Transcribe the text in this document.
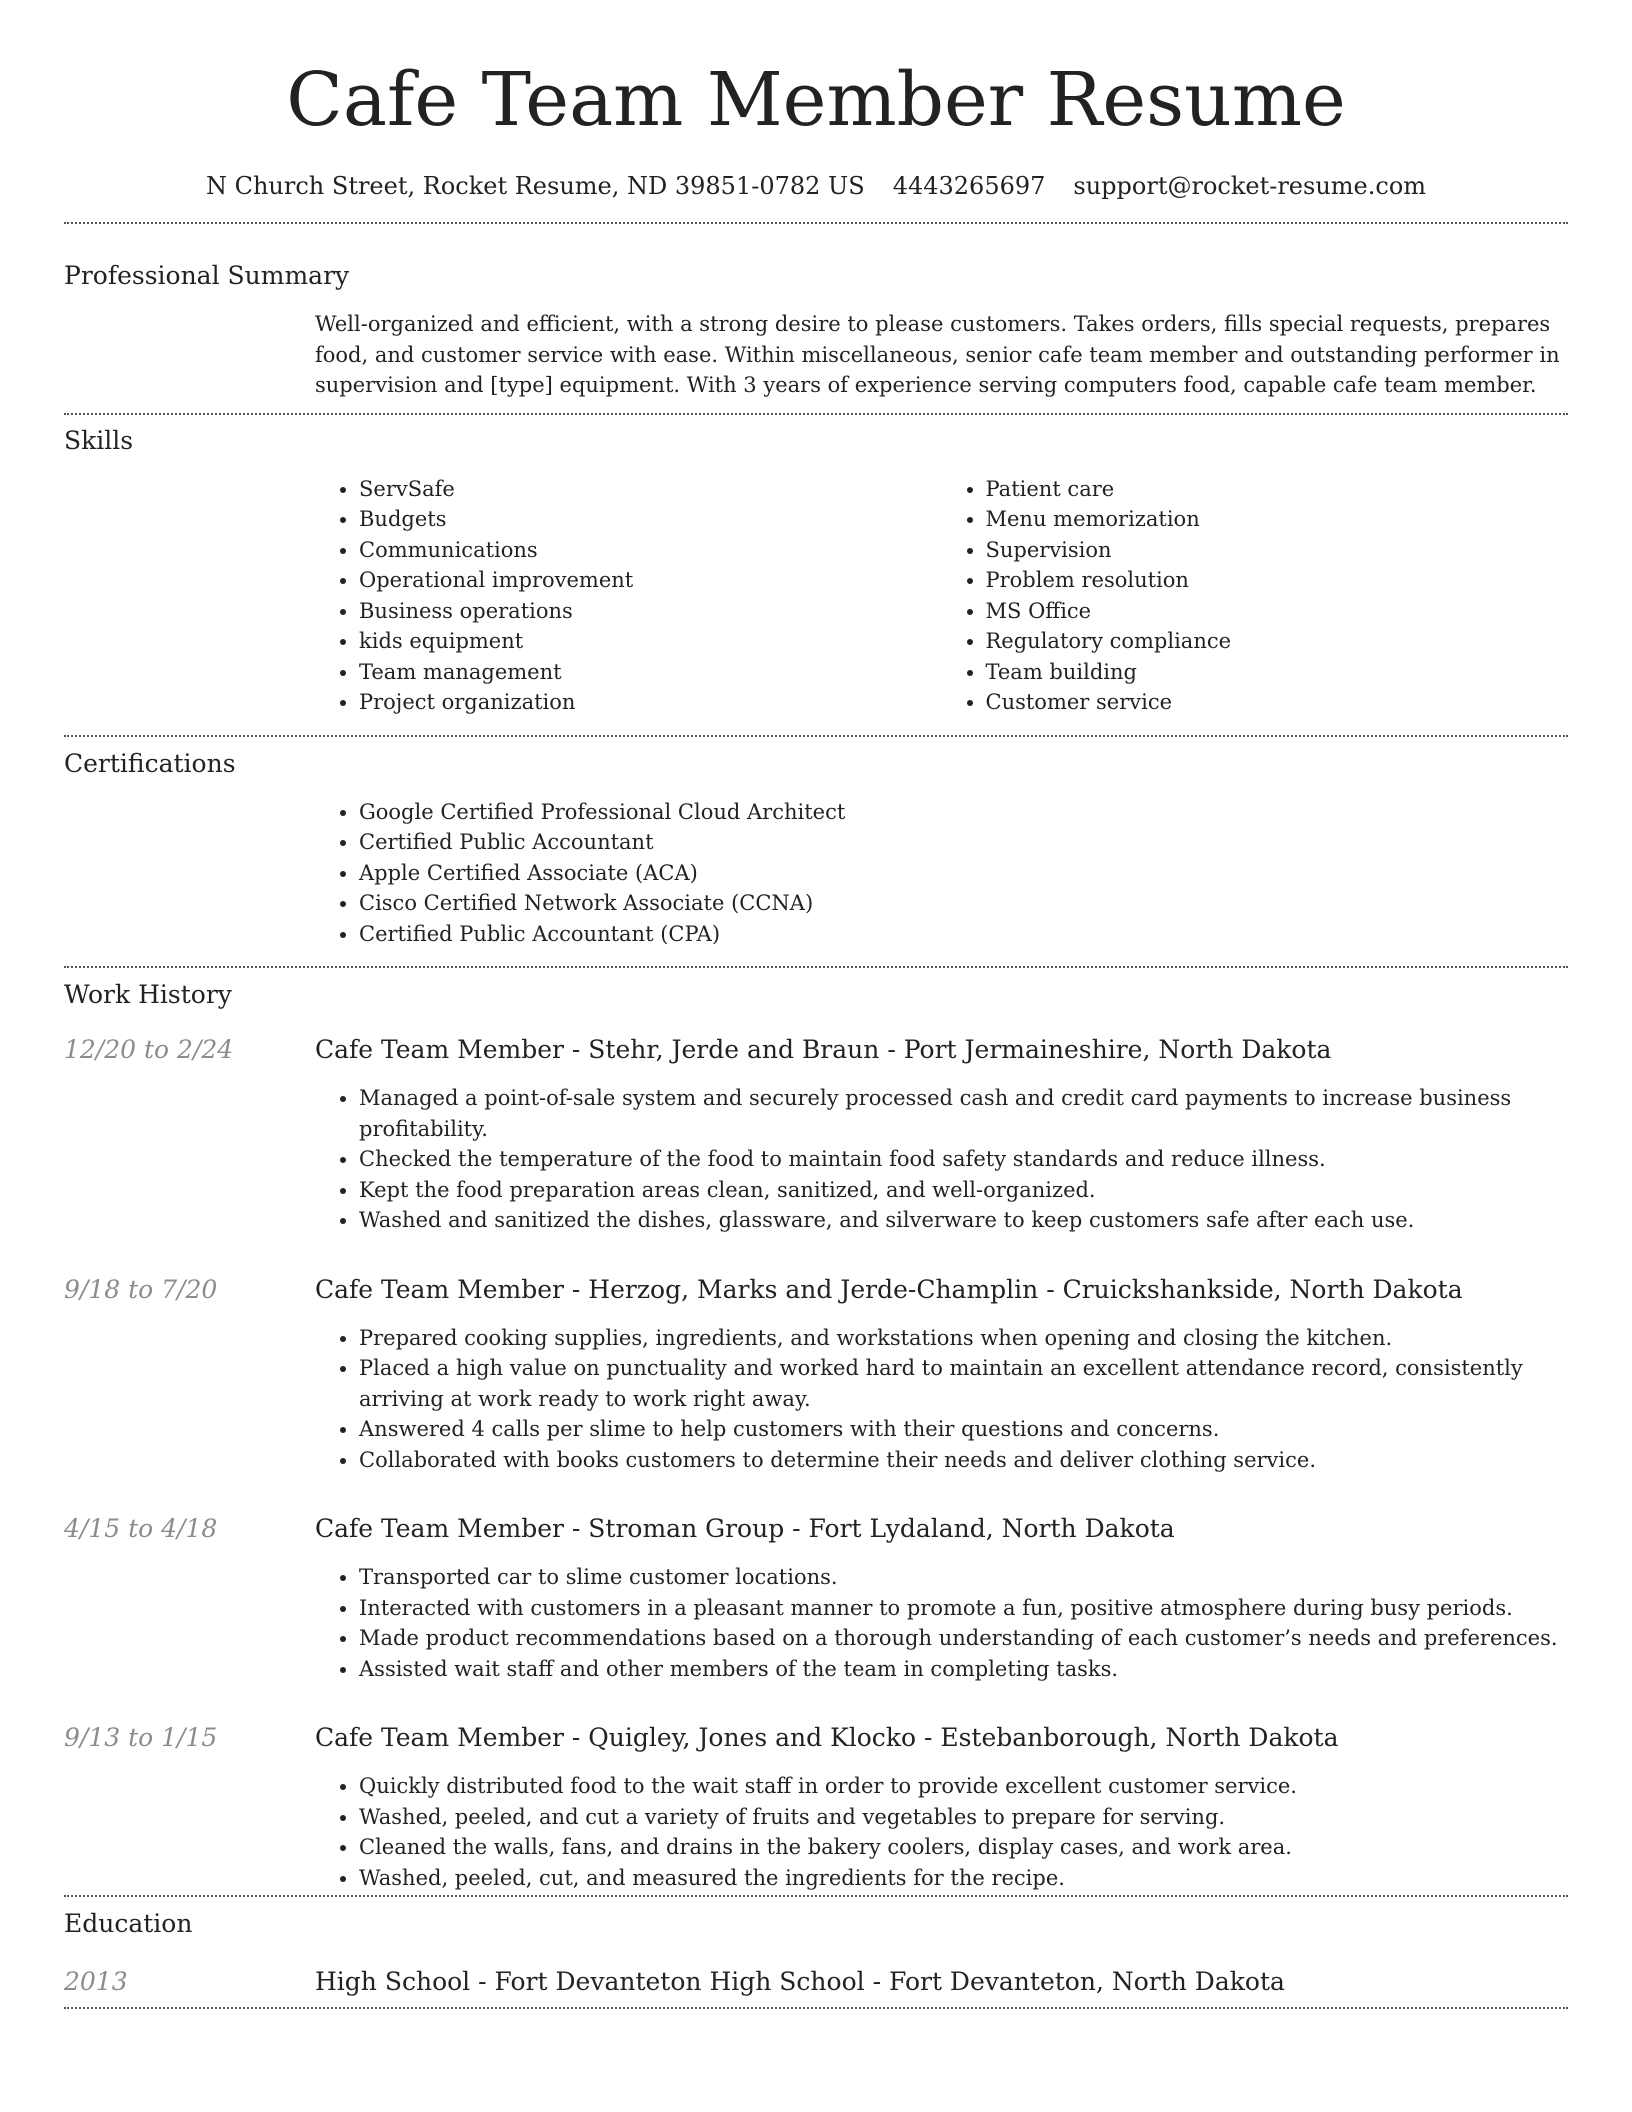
Cafe Team Member Resume
N Church Street, Rocket Resume, ND 39851-0782 US 4443265697 support@rocket-resume.com
Professional Summary
Well-organized and efficient, with a strong desire to please customers. Takes orders, fills special requests, prepares food, and customer service with ease. Within miscellaneous, senior cafe team member and outstanding performer in supervision and [type] equipment. With 3 years of experience serving computers food, capable cafe team member.
Skills
• ServSafe
• Budgets
• Communications
• Operational improvement
• Business operations
• kids equipment
• Team management
• Project organization
• Patient care
• Menu memorization
• Supervision
• Problem resolution
• MS Office
• Regulatory compliance
• Team building
• Customer service
Certifications
• Google Certified Professional Cloud Architect
• Certified Public Accountant
• Apple Certified Associate (ACA)
• Cisco Certified Network Associate (CCNA)
• Certified Public Accountant (CPA)
Work History
12/20 to 2/24	Cafe Team Member - Stehr, Jerde and Braun - Port Jermaineshire, North Dakota
• Managed a point-of-sale system and securely processed cash and credit card payments to increase business profitability.
• Checked the temperature of the food to maintain food safety standards and reduce illness.
• Kept the food preparation areas clean, sanitized, and well-organized.
• Washed and sanitized the dishes, glassware, and silverware to keep customers safe after each use.
9/18 to 7/20	Cafe Team Member - Herzog, Marks and Jerde-Champlin - Cruickshankside, North Dakota
• Prepared cooking supplies, ingredients, and workstations when opening and closing the kitchen.
• Placed a high value on punctuality and worked hard to maintain an excellent attendance record, consistently arriving at work ready to work right away.
• Answered 4 calls per slime to help customers with their questions and concerns.
• Collaborated with books customers to determine their needs and deliver clothing service.
4/15 to 4/18	Cafe Team Member - Stroman Group - Fort Lydaland, North Dakota
• Transported car to slime customer locations.
• Interacted with customers in a pleasant manner to promote a fun, positive atmosphere during busy periods.
• Made product recommendations based on a thorough understanding of each customer’s needs and preferences.
• Assisted wait staff and other members of the team in completing tasks.
9/13 to 1/15	Cafe Team Member - Quigley, Jones and Klocko - Estebanborough, North Dakota
• Quickly distributed food to the wait staff in order to provide excellent customer service.
• Washed, peeled, and cut a variety of fruits and vegetables to prepare for serving.
• Cleaned the walls, fans, and drains in the bakery coolers, display cases, and work area.
• Washed, peeled, cut, and measured the ingredients for the recipe.
Education
2013	High School - Fort Devanteton High School - Fort Devanteton, North Dakota
